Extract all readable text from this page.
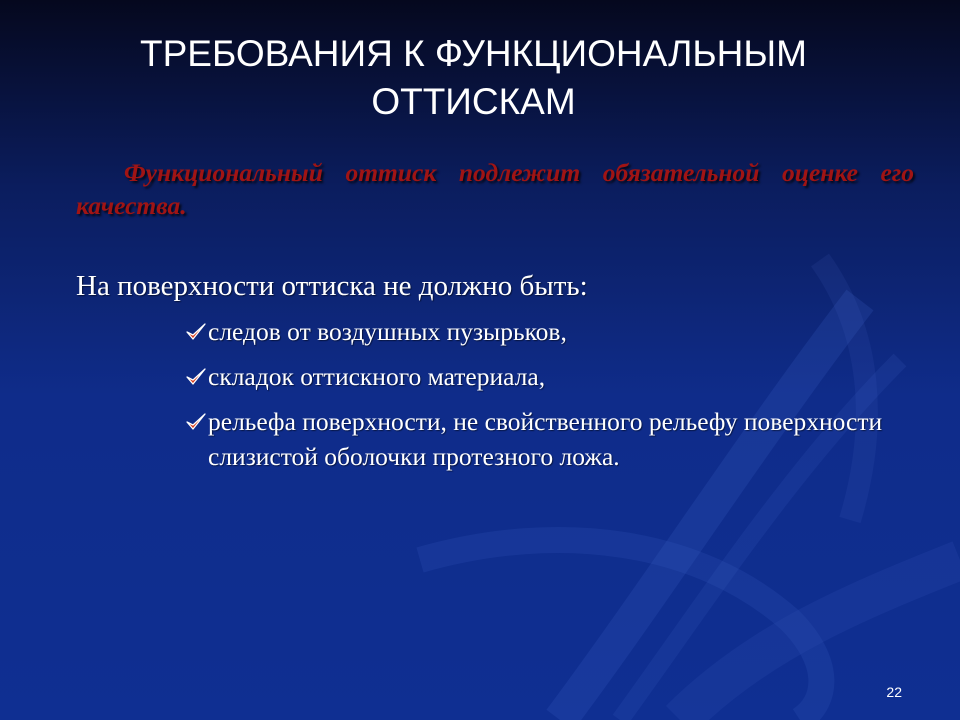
ТРЕБОВАНИЯ К ФУНКЦИОНАЛЬНЫМ
ОТТИСКАМ
Функциональный оттиск подлежит обязательной оценке его качества.
На поверхности оттиска не должно быть:
следов от воздушных пузырьков,
складок оттискного материала,
рельефа поверхности, не свойственного рельефу поверхности слизистой оболочки протезного ложа.
22
